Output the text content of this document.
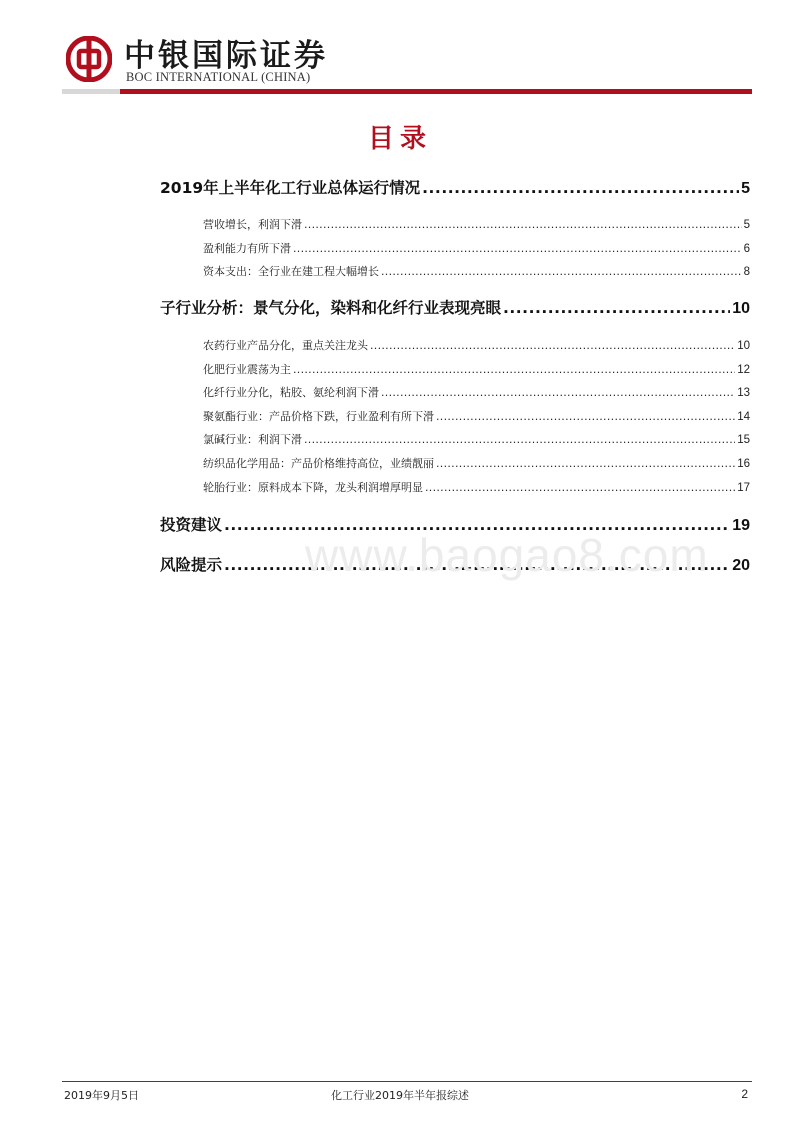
中银国际证券
BOC INTERNATIONAL (CHINA)
目录
2019年上半年化工行业总体运行情况 .....	5
营收增长，利润下滑 .....	5
盈利能力有所下滑 .....	6
资本支出：全行业在建工程大幅增长 .....	8
子行业分析：景气分化，染料和化纤行业表现亮眼 .....	10
农药行业产品分化，重点关注龙头 .....	10
化肥行业震荡为主 .....	12
化纤行业分化，粘胶、氨纶利润下滑 .....	13
聚氨酯行业：产品价格下跌，行业盈利有所下滑 .....	14
氯碱行业：利润下滑 .....	15
纺织品化学用品：产品价格维持高位，业绩靓丽 .....	16
轮胎行业：原料成本下降，龙头利润增厚明显 .....	17
投资建议 .....	19
风险提示 .....	20
www.baogao8.com
2019年9月5日	化工行业2019年半年报综述	2
